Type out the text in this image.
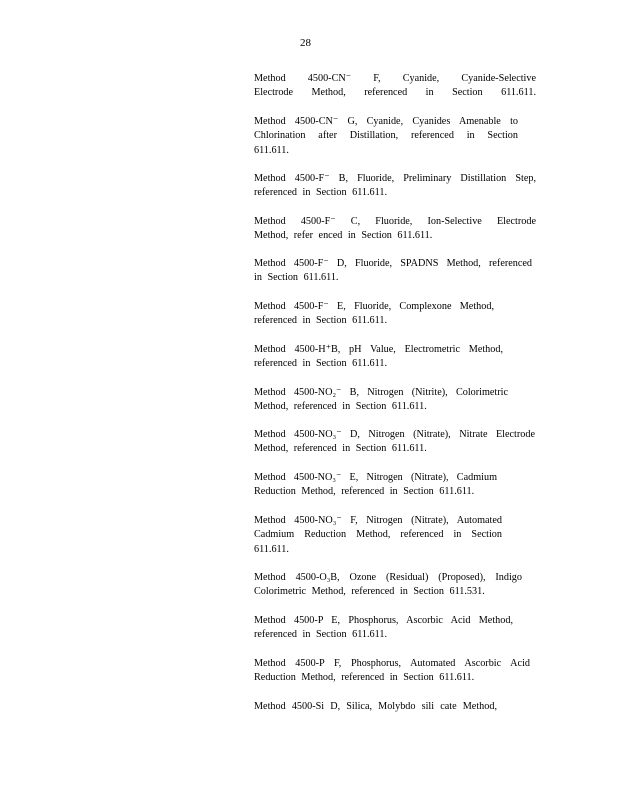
28
Method 4500-CN⁻ F, Cyanide, Cyanide-Selective
Electrode Method, referenced in Section 611.611.
Method 4500-CN⁻ G, Cyanide, Cyanides Amenable to
Chlorination after Distillation, referenced in Section
611.611.
Method 4500-F⁻ B, Fluoride, Preliminary Distillation Step,
referenced in Section 611.611.
Method 4500-F⁻ C, Fluoride, Ion-Selective Electrode
Method, refer enced in Section 611.611.
Method 4500-F⁻ D, Fluoride, SPADNS Method, referenced
in Section 611.611.
Method 4500-F⁻ E, Fluoride, Complexone Method,
referenced in Section 611.611.
Method 4500-H⁺B, pH Value, Electrometric Method,
referenced in Section 611.611.
Method 4500-NO₂⁻ B, Nitrogen (Nitrite), Colorimetric
Method, referenced in Section 611.611.
Method 4500-NO₃⁻ D, Nitrogen (Nitrate), Nitrate Electrode
Method, referenced in Section 611.611.
Method 4500-NO₃⁻ E, Nitrogen (Nitrate), Cadmium
Reduction Method, referenced in Section 611.611.
Method 4500-NO₃⁻ F, Nitrogen (Nitrate), Automated
Cadmium Reduction Method, referenced in Section
611.611.
Method 4500-O₃B, Ozone (Residual) (Proposed), Indigo
Colorimetric Method, referenced in Section 611.531.
Method 4500-P E, Phosphorus, Ascorbic Acid Method,
referenced in Section 611.611.
Method 4500-P F, Phosphorus, Automated Ascorbic Acid
Reduction Method, referenced in Section 611.611.
Method 4500-Si D, Silica, Molybdo sili cate Method,
